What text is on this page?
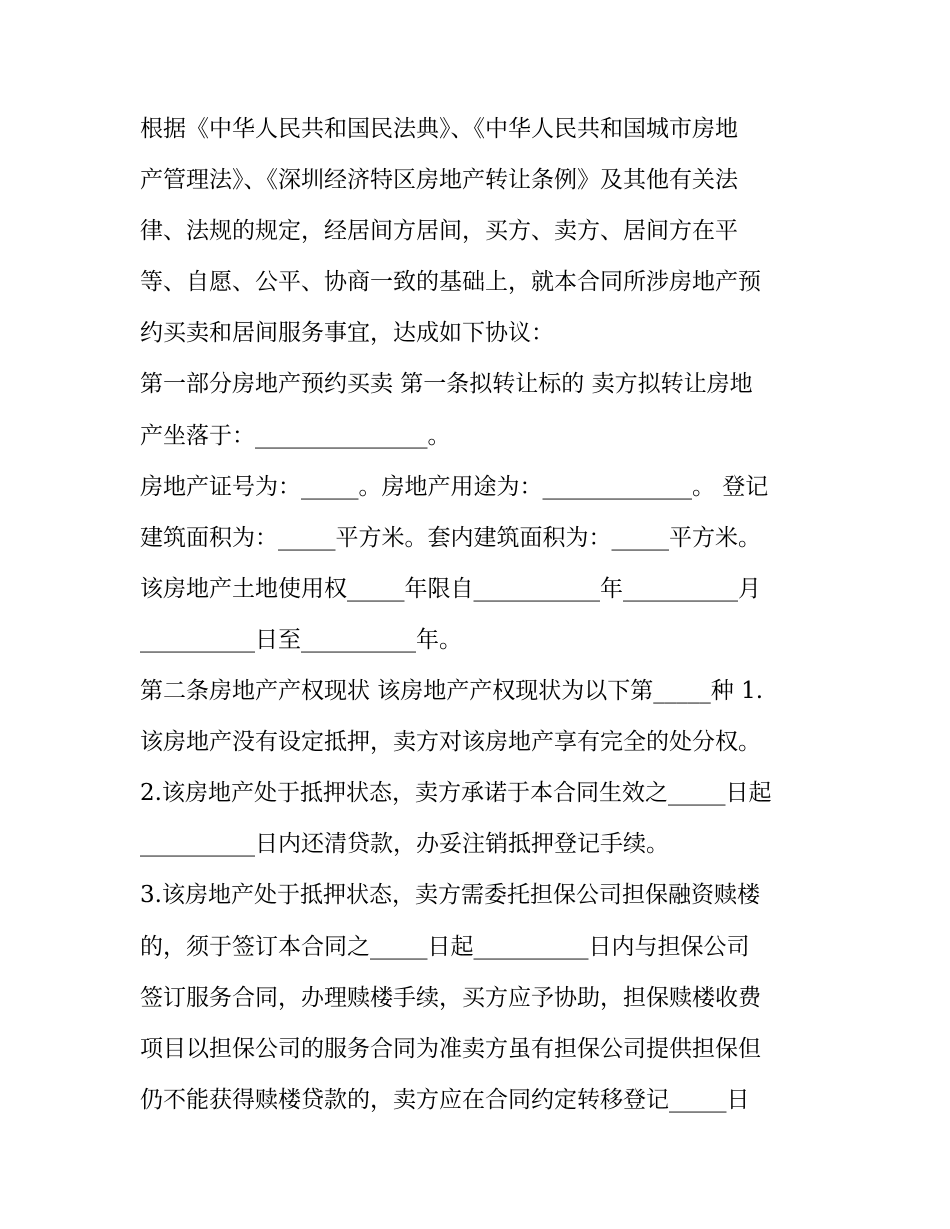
根据《中华人民共和国民法典》、《中华人民共和国城市房地
产管理法》、《深圳经济特区房地产转让条例》及其他有关法
律、法规的规定，经居间方居间，买方、卖方、居间方在平
等、自愿、公平、协商一致的基础上，就本合同所涉房地产预
约买卖和居间服务事宜，达成如下协议：
第一部分房地产预约买卖 第一条拟转让标的 卖方拟转让房地
产坐落于：_______________。
房地产证号为：_____。房地产用途为：_____________。 登记
建筑面积为：_____平方米。套内建筑面积为：_____平方米。
该房地产土地使用权_____年限自___________年__________月
__________日至__________年。
第二条房地产产权现状 该房地产产权现状为以下第_____种 1.
该房地产没有设定抵押，卖方对该房地产享有完全的处分权。
2.该房地产处于抵押状态，卖方承诺于本合同生效之_____日起
__________日内还清贷款，办妥注销抵押登记手续。
3.该房地产处于抵押状态，卖方需委托担保公司担保融资赎楼
的，须于签订本合同之_____日起__________日内与担保公司
签订服务合同，办理赎楼手续，买方应予协助，担保赎楼收费
项目以担保公司的服务合同为准卖方虽有担保公司提供担保但
仍不能获得赎楼贷款的，卖方应在合同约定转移登记_____日
